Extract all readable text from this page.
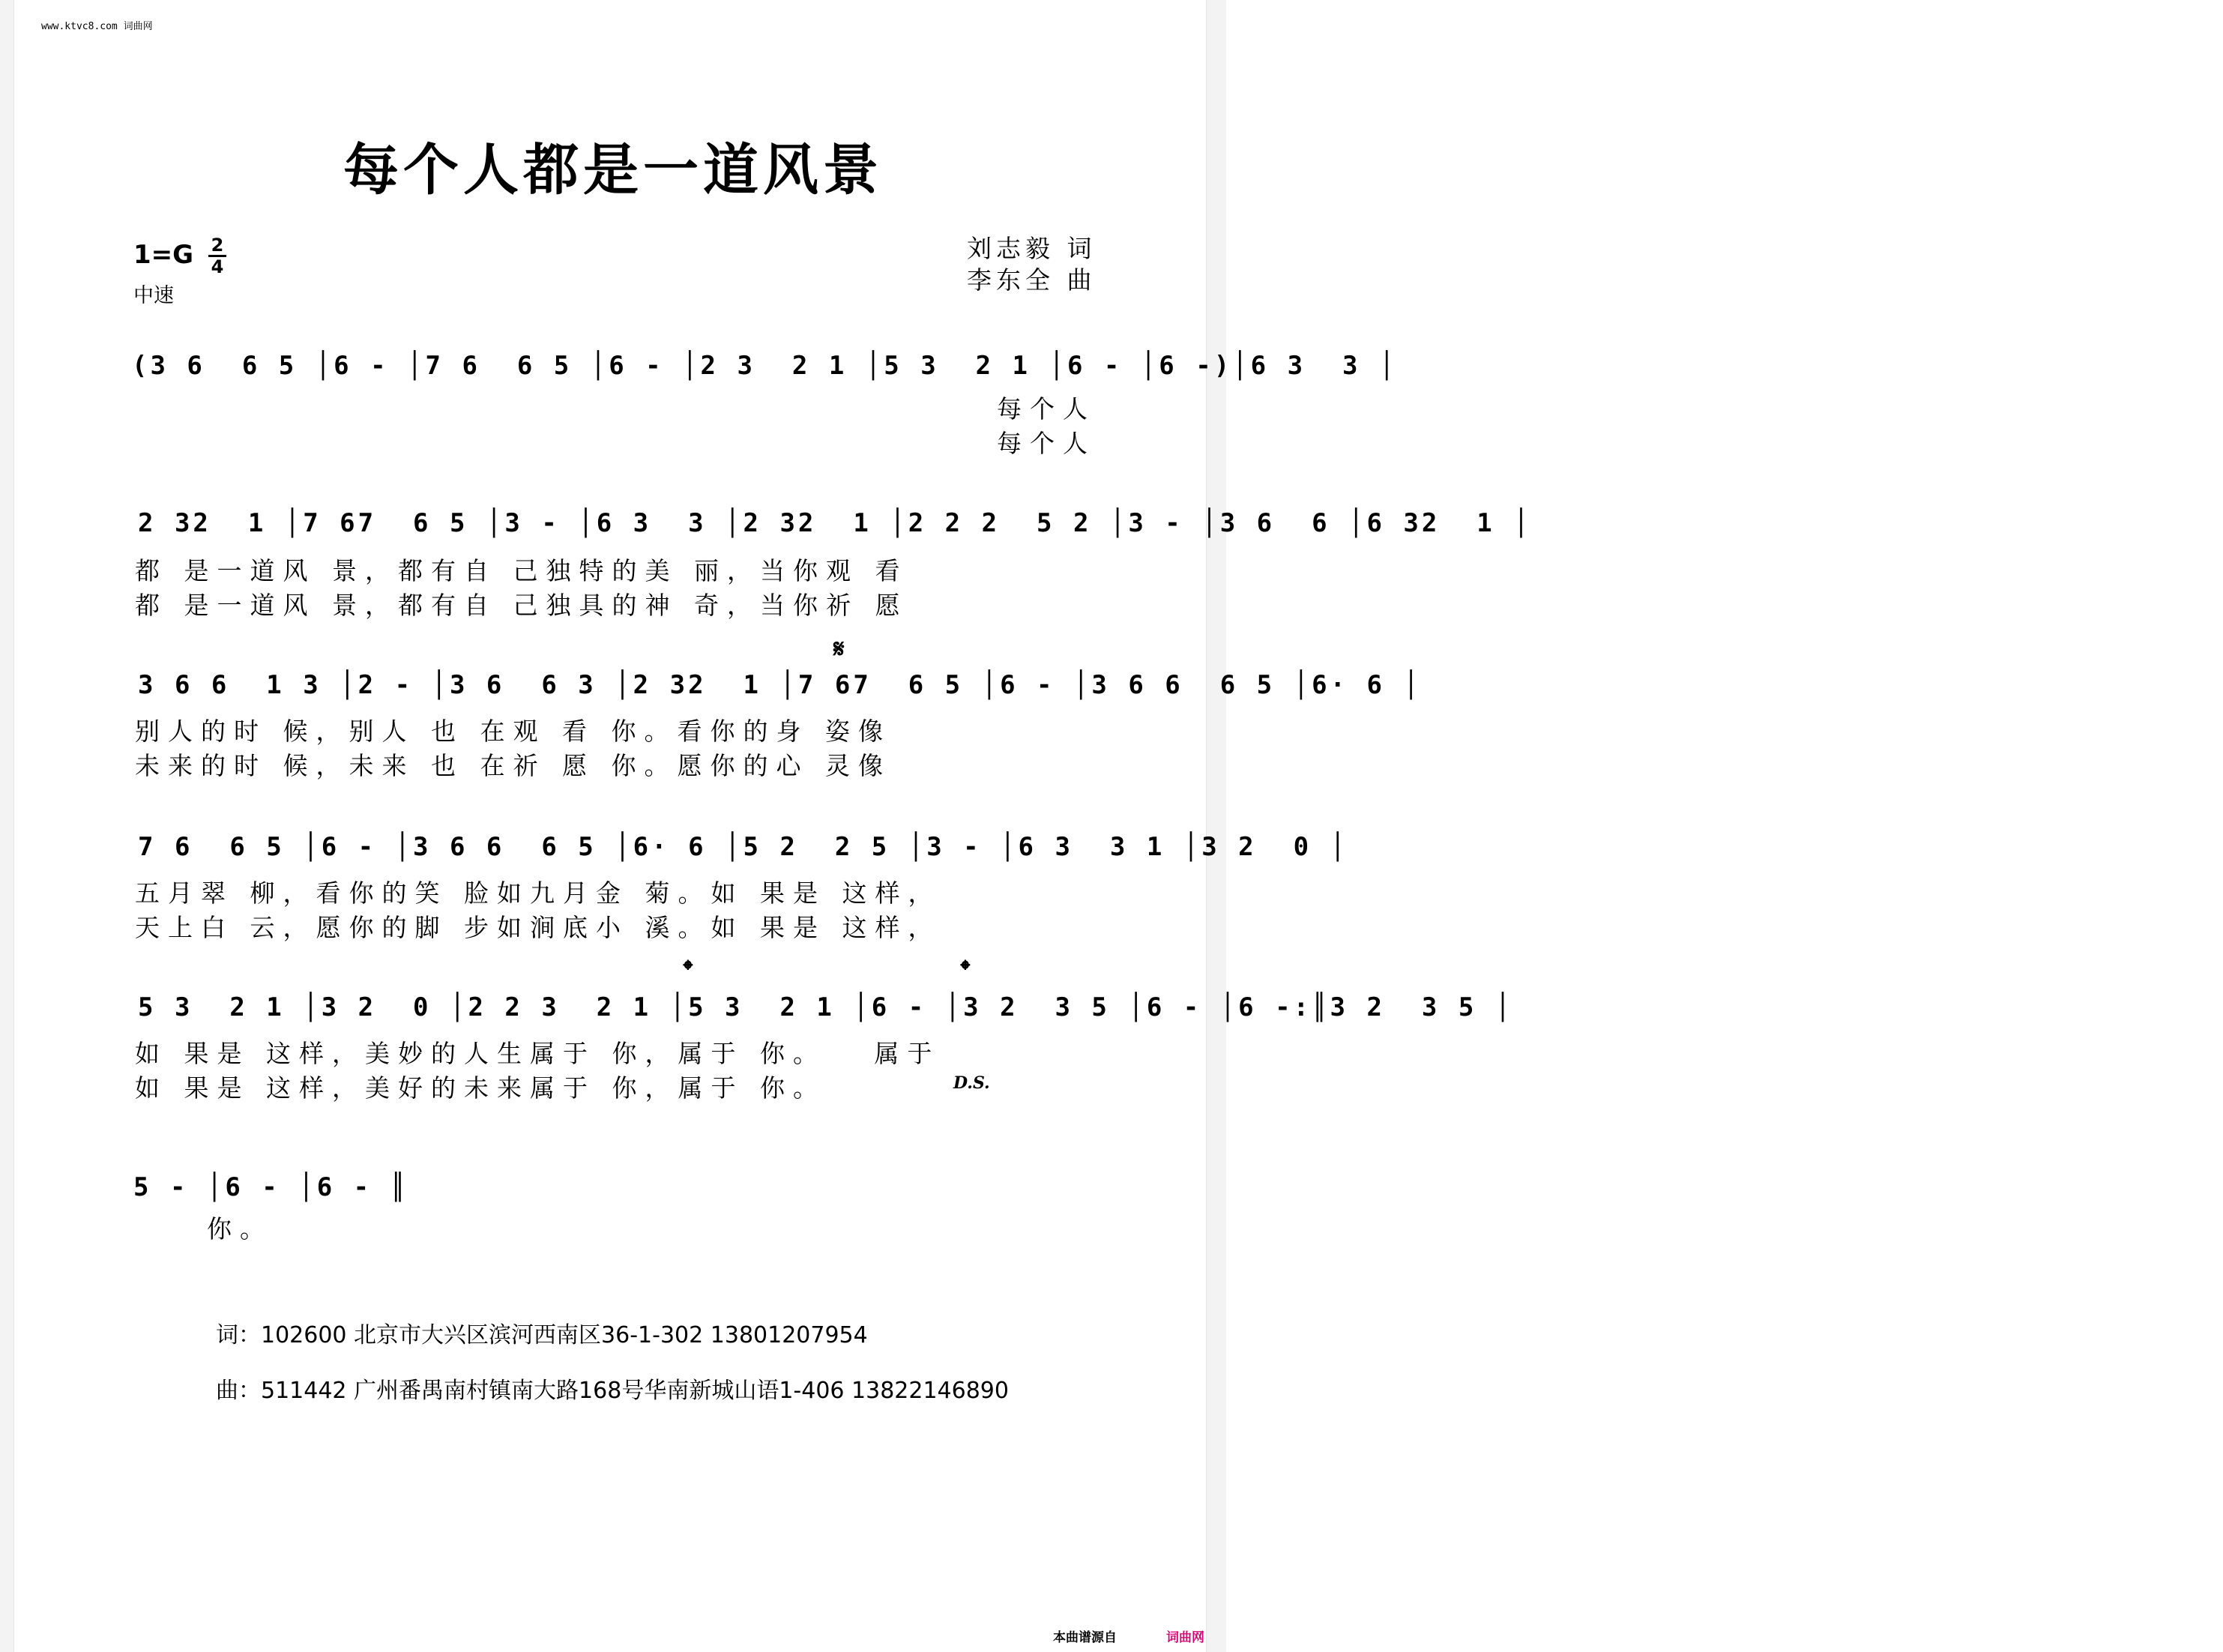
www.ktvc8.com 词曲网
每个人都是一道风景
1=G 2
4
中速
刘志毅 词
李东全 曲
(3 6  6 5 │6 - │7 6  6 5 │6 - │2 3  2 1 │5 3  2 1 │6 - │6 -)│6 3  3 │
每个人
每个人
2 32  1 │7 67  6 5 │3 - │6 3  3 │2 32  1 │2 2 2  5 2 │3 - │3 6  6 │6 32  1 │
都 是一道风 景，都有自 己独特的美 丽，当你观 看
都 是一道风 景，都有自 己独具的神 奇，当你祈 愿
𝄋
3 6 6  1 3 │2 - │3 6  6 3 │2 32  1 │7 67  6 5 │6 - │3 6 6  6 5 │6· 6 │
别人的时 候，别人 也 在观 看 你。看你的身 姿像
未来的时 候，未来 也 在祈 愿 你。愿你的心 灵像
7 6  6 5 │6 - │3 6 6  6 5 │6· 6 │5 2  2 5 │3 - │6 3  3 1 │3 2  0 │
五月翠 柳，看你的笑 脸如九月金 菊。如 果是 这样，
天上白 云，愿你的脚 步如涧底小 溪。如 果是 这样，
𝄌	𝄌
5 3  2 1 │3 2  0 │2 2 3  2 1 │5 3  2 1 │6 - │3 2  3 5 │6 - │6 -:║3 2  3 5 │
如 果是 这样，美妙的人生属于 你，属于 你。   属于
如 果是 这样，美好的未来属于 你，属于 你。	D.S.
5 - │6 - │6 - ║
你。
词：102600 北京市大兴区滨河西南区36-1-302 13801207954
曲：511442 广州番禺南村镇南大路168号华南新城山语1-406 13822146890
本曲谱源自	词曲网
